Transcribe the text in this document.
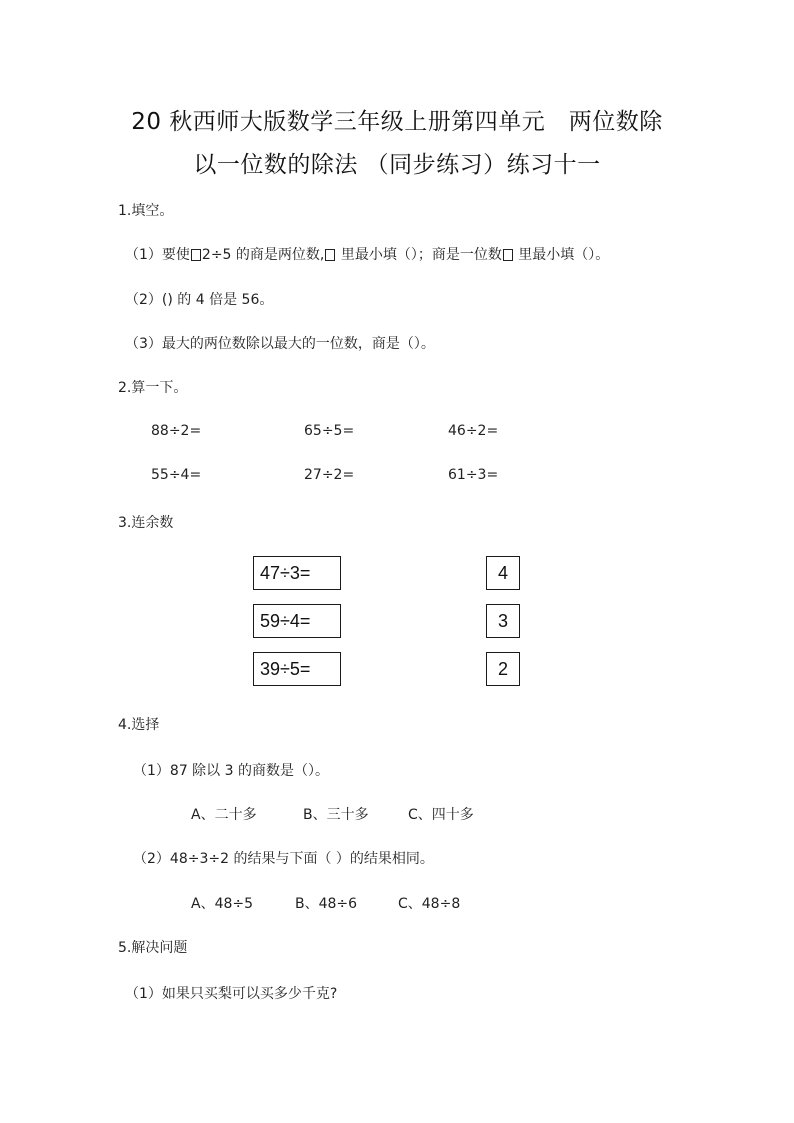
20 秋西师大版数学三年级上册第四单元　两位数除
以一位数的除法 （同步练习）练习十一
1.填空。
（1）要使 2÷5 的商是两位数, 里最小填（）；商是一位数 里最小填（）。
（2）() 的 4 倍是 56。
（3）最大的两位数除以最大的一位数，商是（）。
2.算一下。
88÷2=	65÷5=	46÷2=
55÷4=	27÷2=	61÷3=
3.连余数
47÷3=
59÷4=
39÷5=
4
3
2
4.选择
（1）87 除以 3 的商数是（）。
A、二十多	B、三十多	C、四十多
（2）48÷3÷2 的结果与下面（ ）的结果相同。
A、48÷5	B、48÷6	C、48÷8
5.解决问题
（1）如果只买梨可以买多少千克?
